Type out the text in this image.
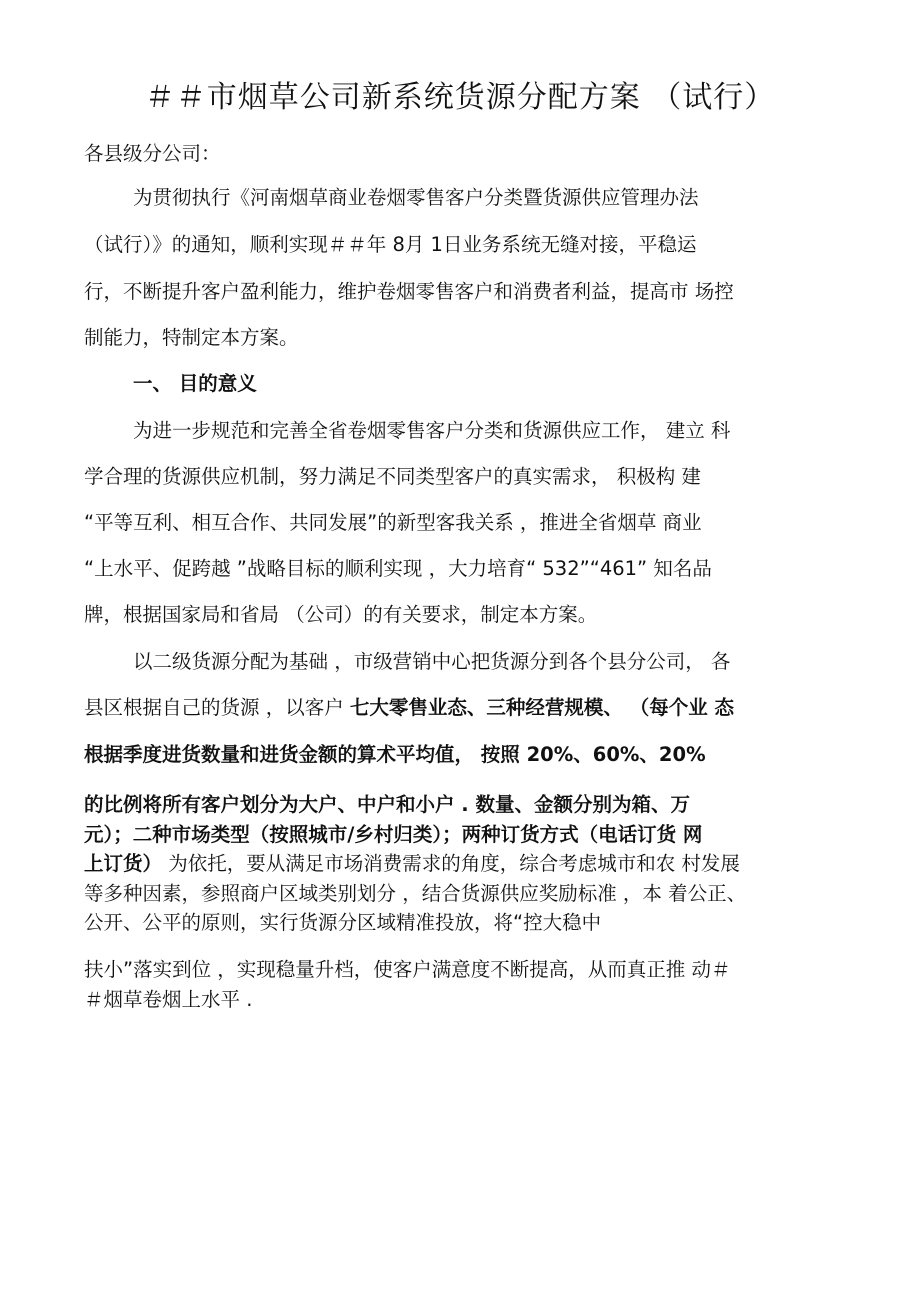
＃＃市烟草公司新系统货源分配方案 （试行）
各县级分公司：
为贯彻执行《河南烟草商业卷烟零售客户分类暨货源供应管理办法
（试行）》的通知，顺利实现＃＃年 8月 1日业务系统无缝对接，平稳运
行，不断提升客户盈利能力，维护卷烟零售客户和消费者利益，提高市 场控
制能力，特制定本方案。
一、 目的意义
为进一步规范和完善全省卷烟零售客户分类和货源供应工作， 建立 科
学合理的货源供应机制，努力满足不同类型客户的真实需求， 积极构 建
“平等互利、相互合作、共同发展”的新型客我关系 ，推进全省烟草 商业
“上水平、促跨越 ”战略目标的顺利实现 ，大力培育“ 532”“461” 知名品
牌，根据国家局和省局 （公司）的有关要求，制定本方案。
以二级货源分配为基础 ，市级营销中心把货源分到各个县分公司， 各
县区根据自己的货源 ，以客户 七大零售业态、三种经营规模、 （每个业 态
根据季度进货数量和进货金额的算术平均值， 按照 20%、60%、20%
的比例将所有客户划分为大户、中户和小户 . 数量、金额分别为箱、万
元）；二种市场类型（按照城市/乡村归类）；两种订货方式（电话订货 网
上订货） 为依托，要从满足市场消费需求的角度，综合考虑城市和农 村发展
等多种因素，参照商户区域类别划分 ，结合货源供应奖励标准 ，本 着公正、
公开、公平的原则，实行货源分区域精准投放，将“控大稳中
扶小”落实到位 ，实现稳量升档，使客户满意度不断提高，从而真正推 动＃
＃烟草卷烟上水平 .
